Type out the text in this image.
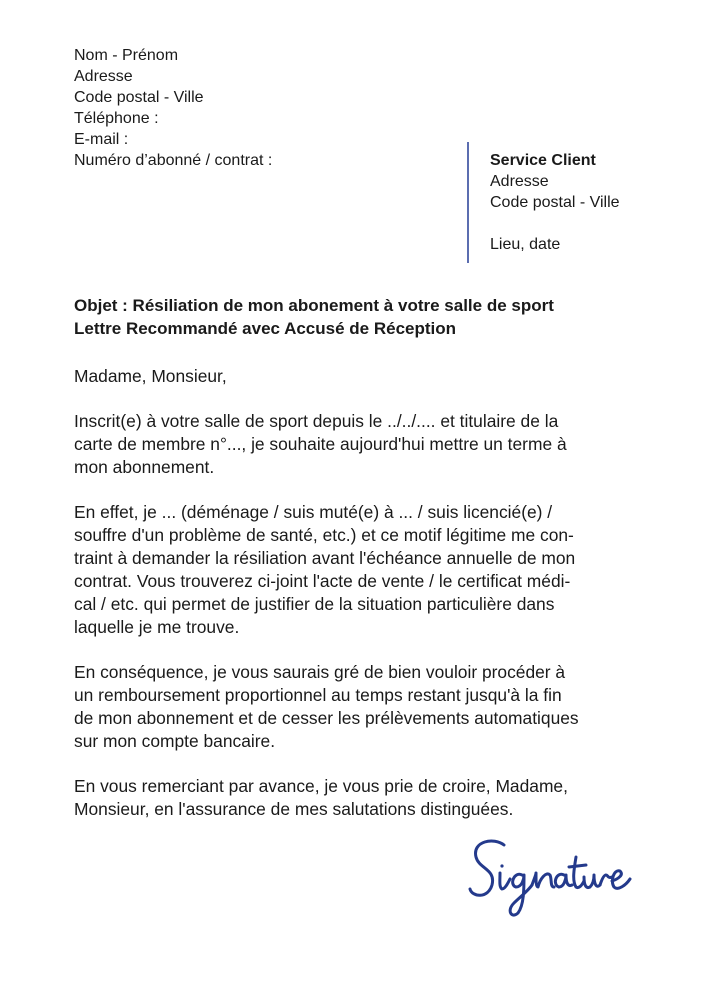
Nom - Prénom
Adresse
Code postal - Ville
Téléphone :
E-mail :
Numéro d’abonné / contrat :	Service Client
Adresse
Code postal - Ville
Lieu, date
Objet : Résiliation de mon abonement à votre salle de sport
Lettre Recommandé avec Accusé de Réception

Madame, Monsieur,

Inscrit(e) à votre salle de sport depuis le ../../.... et titulaire de la
carte de membre n°..., je souhaite aujourd'hui mettre un terme à
mon abonnement.

En effet, je ... (déménage / suis muté(e) à ... / suis licencié(e) /
souffre d'un problème de santé, etc.) et ce motif légitime me con-
traint à demander la résiliation avant l'échéance annuelle de mon
contrat. Vous trouverez ci-joint l'acte de vente / le certificat médi-
cal / etc. qui permet de justifier de la situation particulière dans
laquelle je me trouve.

En conséquence, je vous saurais gré de bien vouloir procéder à
un remboursement proportionnel au temps restant jusqu'à la fin
de mon abonnement et de cesser les prélèvements automatiques
sur mon compte bancaire.

En vous remerciant par avance, je vous prie de croire, Madame,
Monsieur, en l'assurance de mes salutations distinguées.
